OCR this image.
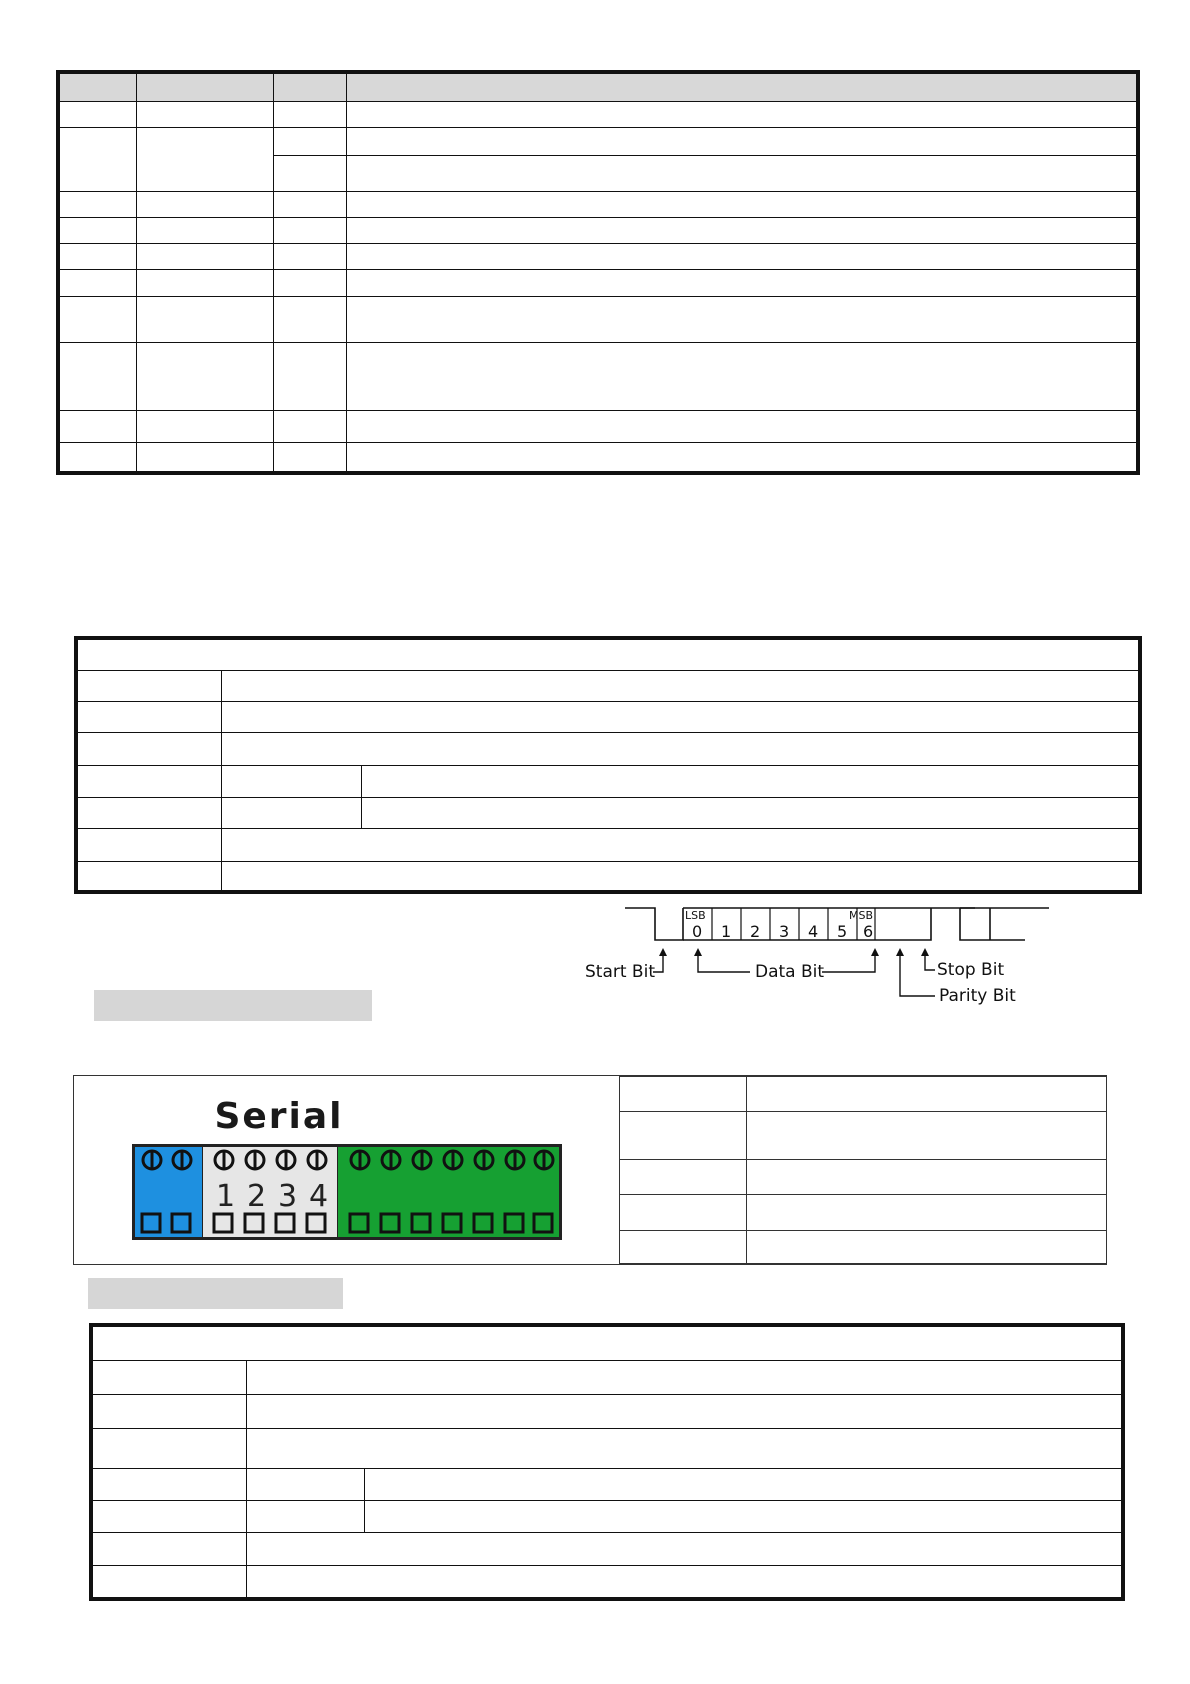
LSB	MSB
0 1 2 3 4 5 6
Start Bit	Data Bit	Stop Bit
Parity Bit
Serial
1 2 3 4
